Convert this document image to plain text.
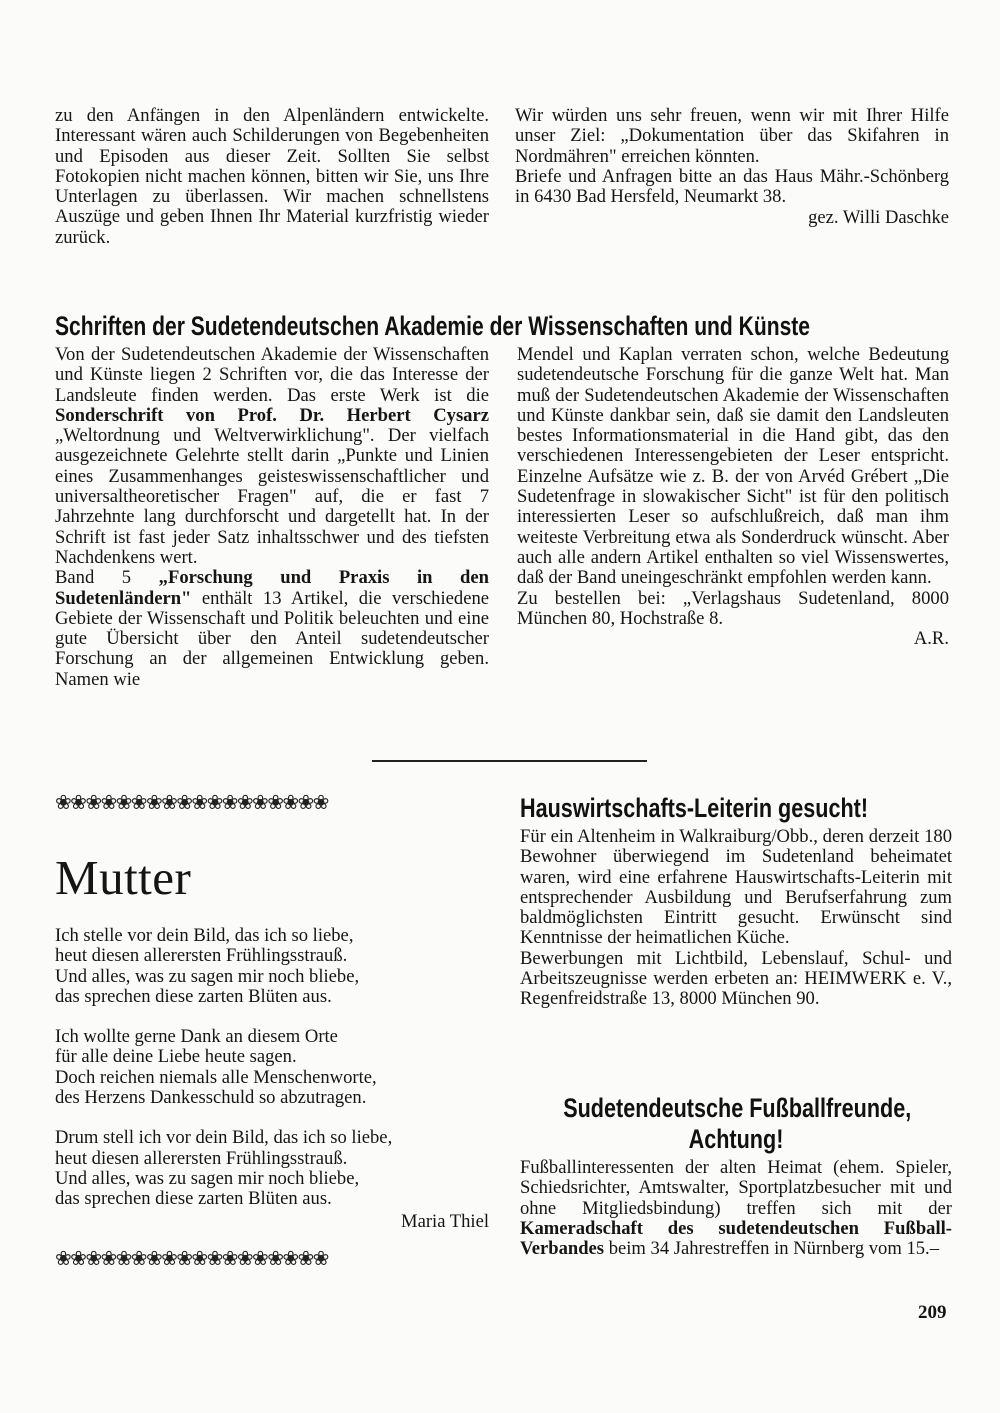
zu den Anfängen in den Alpenländern entwickelte. Interessant wären auch Schilderungen von Begebenheiten und Episoden aus dieser Zeit. Sollten Sie selbst Fotokopien nicht machen können, bitten wir Sie, uns Ihre Unterlagen zu überlassen. Wir machen schnellstens Auszüge und geben Ihnen Ihr Material kurzfristig wieder zurück.

Wir würden uns sehr freuen, wenn wir mit Ihrer Hilfe unser Ziel: „Dokumentation über das Skifahren in Nordmähren" erreichen könnten.

Briefe und Anfragen bitte an das Haus Mähr.-Schönberg in 6430 Bad Hersfeld, Neumarkt 38.

gez. Willi Daschke

Schriften der Sudetendeutschen Akademie der Wissenschaften und Künste

Von der Sudetendeutschen Akademie der Wissenschaften und Künste liegen 2 Schriften vor, die das Interesse der Landsleute finden werden. Das erste Werk ist die Sonderschrift von Prof. Dr. Herbert Cysarz „Weltordnung und Weltverwirklichung". Der vielfach ausgezeichnete Gelehrte stellt darin „Punkte und Linien eines Zusammenhanges geisteswissenschaftlicher und universaltheoretischer Fragen" auf, die er fast 7 Jahrzehnte lang durchforscht und dargetellt hat. In der Schrift ist fast jeder Satz inhaltsschwer und des tiefsten Nachdenkens wert.

Band 5 „Forschung und Praxis in den Sudetenländern" enthält 13 Artikel, die verschiedene Gebiete der Wissenschaft und Politik beleuchten und eine gute Übersicht über den Anteil sudetendeutscher Forschung an der allgemeinen Entwicklung geben. Namen wie

Mendel und Kaplan verraten schon, welche Bedeutung sudetendeutsche Forschung für die ganze Welt hat. Man muß der Sudetendeutschen Akademie der Wissenschaften und Künste dankbar sein, daß sie damit den Landsleuten bestes Informationsmaterial in die Hand gibt, das den verschiedenen Interessengebieten der Leser entspricht. Einzelne Aufsätze wie z. B. der von Arvéd Grébert „Die Sudetenfrage in slowakischer Sicht" ist für den politisch interessierten Leser so aufschlußreich, daß man ihm weiteste Verbreitung etwa als Sonderdruck wünscht. Aber auch alle andern Artikel enthalten so viel Wissenswertes, daß der Band uneingeschränkt empfohlen werden kann.

Zu bestellen bei: „Verlagshaus Sudetenland, 8000 München 80, Hochstraße 8.

A.R.

❀❀❀❀❀❀❀❀❀❀❀❀❀❀❀❀❀❀
Mutter

Ich stelle vor dein Bild, das ich so liebe,
heut diesen allerersten Frühlingsstrauß.
Und alles, was zu sagen mir noch bliebe,
das sprechen diese zarten Blüten aus.

Ich wollte gerne Dank an diesem Orte
für alle deine Liebe heute sagen.
Doch reichen niemals alle Menschenworte,
des Herzens Dankesschuld so abzutragen.

Drum stell ich vor dein Bild, das ich so liebe,
heut diesen allerersten Frühlingsstrauß.
Und alles, was zu sagen mir noch bliebe,
das sprechen diese zarten Blüten aus.

Maria Thiel
❀❀❀❀❀❀❀❀❀❀❀❀❀❀❀❀❀❀
Hauswirtschafts-Leiterin gesucht!

Für ein Altenheim in Walkraiburg/Obb., deren derzeit 180 Bewohner überwiegend im Sudetenland beheimatet waren, wird eine erfahrene Hauswirtschafts-Leiterin mit entsprechender Ausbildung und Berufserfahrung zum baldmöglichsten Eintritt gesucht. Erwünscht sind Kenntnisse der heimatlichen Küche.

Bewerbungen mit Lichtbild, Lebenslauf, Schul- und Arbeitszeugnisse werden erbeten an: HEIMWERK e. V., Regenfreidstraße 13, 8000 München 90.

Sudetendeutsche Fußballfreunde,
Achtung!

Fußballinteressenten der alten Heimat (ehem. Spieler, Schiedsrichter, Amtswalter, Sportplatzbesucher mit und ohne Mitgliedsbindung) treffen sich mit der Kameradschaft des sudetendeutschen Fußball-Verbandes beim 34 Jahrestreffen in Nürnberg vom 15.–

209
